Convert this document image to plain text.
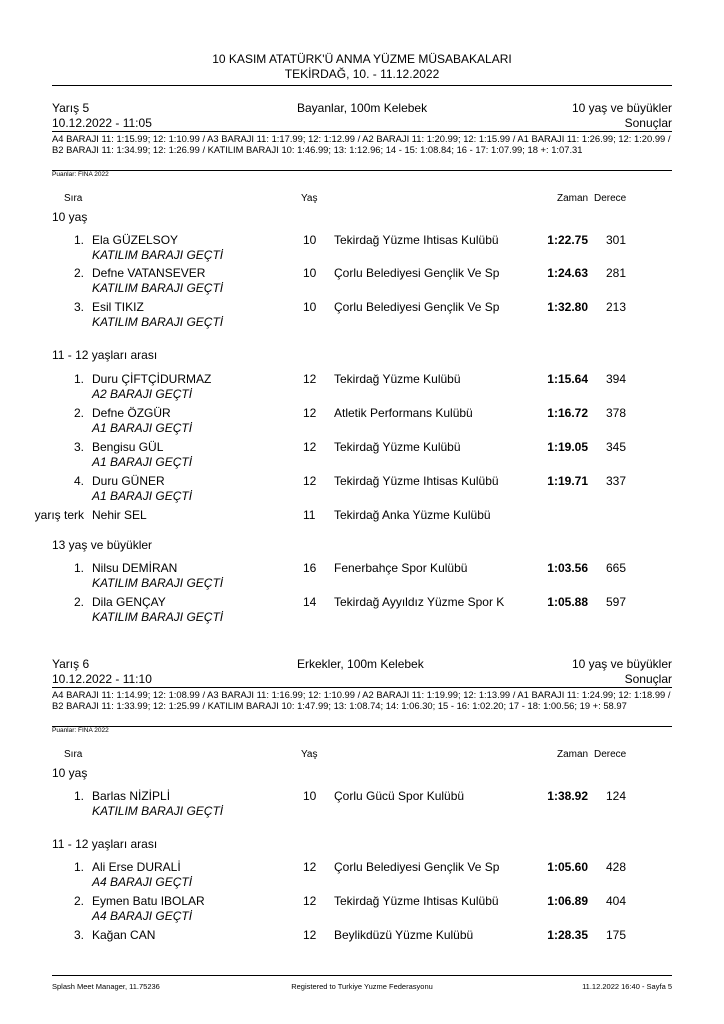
10 KASIM ATATÜRK'Ü ANMA YÜZME MÜSABAKALARI
TEKİRDAĞ, 10. - 11.12.2022
Yarış 5
10.12.2022 - 11:05
Bayanlar, 100m Kelebek	10 yaş ve büyükler
Sonuçlar
A4 BARAJI 11: 1:15.99; 12: 1:10.99 / A3 BARAJI 11: 1:17.99; 12: 1:12.99 / A2 BARAJI 11: 1:20.99; 12: 1:15.99 / A1 BARAJI 11: 1:26.99; 12: 1:20.99 / B2 BARAJI 11: 1:34.99; 12: 1:26.99 / KATILIM BARAJI 10: 1:46.99; 13: 1:12.96; 14 - 15: 1:08.84; 16 - 17: 1:07.99; 18 +: 1:07.31
Puanlar: FINA 2022
Sıra	Yaş	Zaman Derece
10 yaş
1. Ela GÜZELSOY	10 Tekirdağ Yüzme Ihtisas Kulübü	1:22.75 301
KATILIM BARAJI GEÇTİ
2. Defne VATANSEVER	10 Çorlu Belediyesi Gençlik Ve Sp	1:24.63 281
KATILIM BARAJI GEÇTİ
3. Esil TIKIZ	10 Çorlu Belediyesi Gençlik Ve Sp	1:32.80 213
KATILIM BARAJI GEÇTİ
11 - 12 yaşları arası
1. Duru ÇİFTÇİDURMAZ	12 Tekirdağ Yüzme Kulübü	1:15.64 394
A2 BARAJI GEÇTİ
2. Defne ÖZGÜR	12 Atletik Performans Kulübü	1:16.72 378
A1 BARAJI GEÇTİ
3. Bengisu GÜL	12 Tekirdağ Yüzme Kulübü	1:19.05 345
A1 BARAJI GEÇTİ
4. Duru GÜNER	12 Tekirdağ Yüzme Ihtisas Kulübü	1:19.71 337
A1 BARAJI GEÇTİ
yarış terk Nehir SEL	11 Tekirdağ Anka Yüzme Kulübü
13 yaş ve büyükler
1. Nilsu DEMİRAN	16 Fenerbahçe Spor Kulübü	1:03.56 665
KATILIM BARAJI GEÇTİ
2. Dila GENÇAY	14 Tekirdağ Ayyıldız Yüzme Spor K	1:05.88 597
KATILIM BARAJI GEÇTİ
Yarış 6
10.12.2022 - 11:10
Erkekler, 100m Kelebek	10 yaş ve büyükler
Sonuçlar
A4 BARAJI 11: 1:14.99; 12: 1:08.99 / A3 BARAJI 11: 1:16.99; 12: 1:10.99 / A2 BARAJI 11: 1:19.99; 12: 1:13.99 / A1 BARAJI 11: 1:24.99; 12: 1:18.99 / B2 BARAJI 11: 1:33.99; 12: 1:25.99 / KATILIM BARAJI 10: 1:47.99; 13: 1:08.74; 14: 1:06.30; 15 - 16: 1:02.20; 17 - 18: 1:00.56; 19 +: 58.97
Puanlar: FINA 2022
Sıra	Yaş	Zaman Derece
10 yaş
1. Barlas NİZİPLİ	10 Çorlu Gücü Spor Kulübü	1:38.92 124
KATILIM BARAJI GEÇTİ
11 - 12 yaşları arası
1. Ali Erse DURALİ	12 Çorlu Belediyesi Gençlik Ve Sp	1:05.60 428
A4 BARAJI GEÇTİ
2. Eymen Batu IBOLAR	12 Tekirdağ Yüzme Ihtisas Kulübü	1:06.89 404
A4 BARAJI GEÇTİ
3. Kağan CAN	12 Beylikdüzü Yüzme Kulübü	1:28.35 175
Splash Meet Manager, 11.75236	Registered to Turkiye Yuzme Federasyonu	11.12.2022 16:40 - Sayfa 5
